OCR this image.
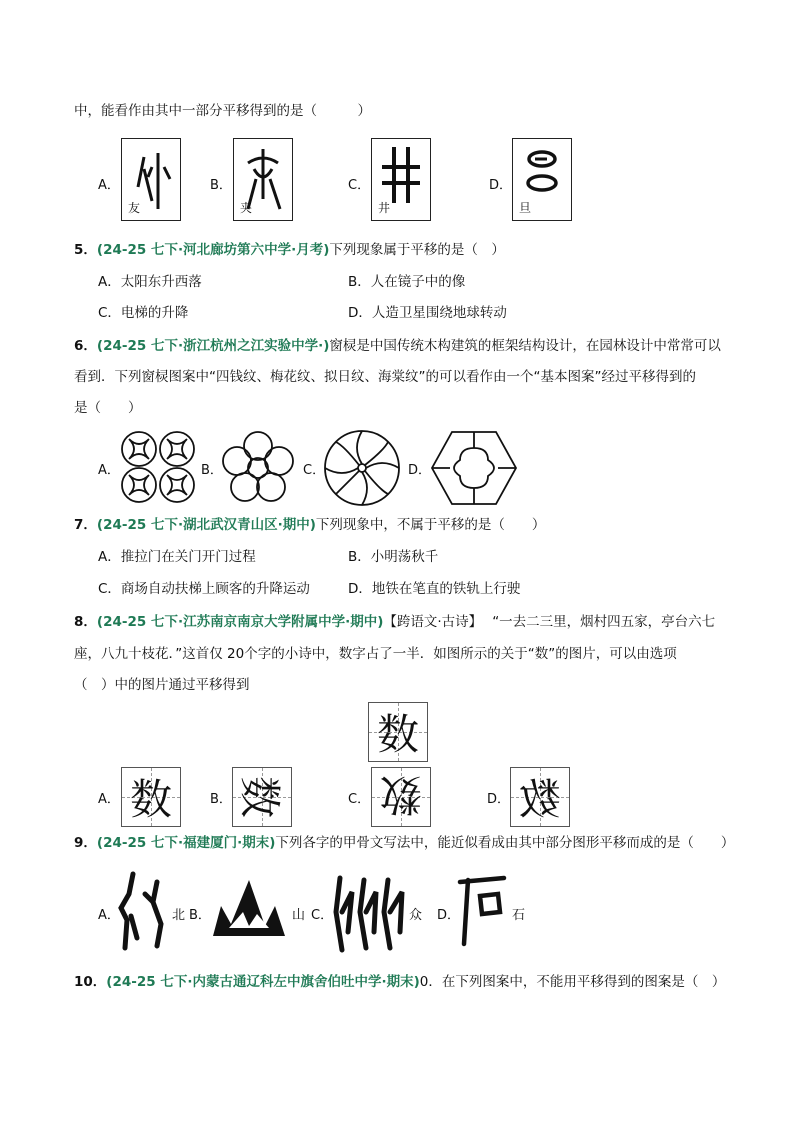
中，能看作由其中一部分平移得到的是（　　　）
A．
友
B．
夹
C．
井
D．
旦
5．(24-25 七下·河北廊坊第六中学·月考)下列现象属于平移的是（　）
A．太阳东升西落	B．人在镜子中的像
C．电梯的升降	D．人造卫星围绕地球转动
6．(24-25 七下·浙江杭州之江实验中学·)窗棂是中国传统木构建筑的框架结构设计，在园林设计中常常可以
看到．下列窗棂图案中“四钱纹、梅花纹、拟日纹、海棠纹”的可以看作由一个“基本图案”经过平移得到的
是（　　）
A．	B．	C．	D．
7．(24-25 七下·湖北武汉青山区·期中)下列现象中，不属于平移的是（　　）
A．推拉门在关门开门过程	B．小明荡秋千
C．商场自动扶梯上顾客的升降运动	D．地铁在笔直的铁轨上行驶
8．(24-25 七下·江苏南京南京大学附属中学·期中)【跨语文·古诗】 “一去二三里，烟村四五家，亭台六七
座，八九十枝花．”这首仅 20个字的小诗中，数字占了一半．如图所示的关于“数”的图片，可以由选项
（　）中的图片通过平移得到
数
A． 数	B． 数	C． 数	D． 数
9．(24-25 七下·福建厦门·期末)下列各字的甲骨文写法中，能近似看成由其中部分图形平移而成的是（　　）
A．	北 B．	山 C．	众 D．	石
10．(24-25 七下·内蒙古通辽科左中旗舍伯吐中学·期末)0．在下列图案中，不能用平移得到的图案是（　）
